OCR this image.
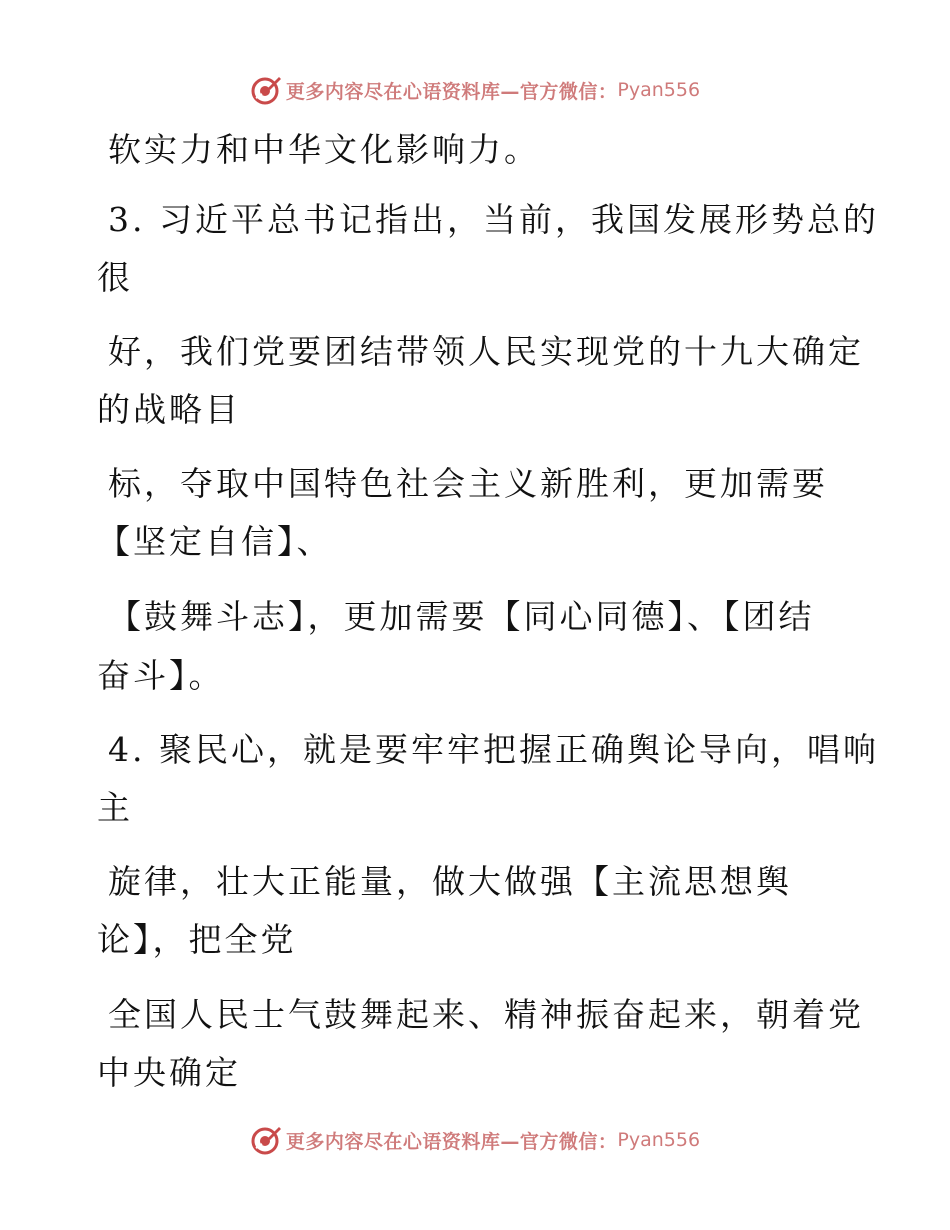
更多内容尽在心语资料库—官方微信： Pyan556
软实力和中华文化影响力。
3. 习近平总书记指出，当前，我国发展形势总的
很
好，我们党要团结带领人民实现党的十九大确定
的战略目
标，夺取中国特色社会主义新胜利，更加需要
【坚定自信】、
【鼓舞斗志】，更加需要【同心同德】、【团结
奋斗】。
4. 聚民心，就是要牢牢把握正确舆论导向，唱响
主
旋律，壮大正能量，做大做强【主流思想舆
论】，把全党
全国人民士气鼓舞起来、精神振奋起来，朝着党
中央确定
更多内容尽在心语资料库—官方微信： Pyan556
